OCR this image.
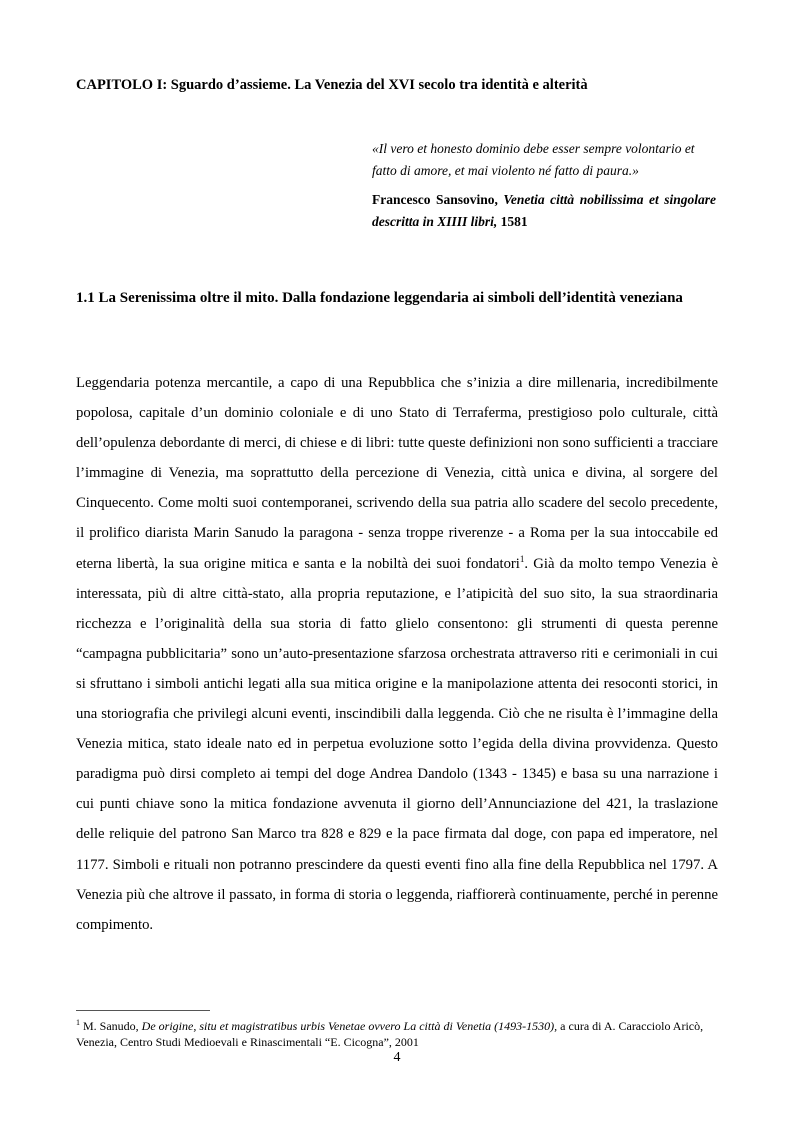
CAPITOLO I: Sguardo d’assieme. La Venezia del XVI secolo tra identità e alterità

«Il vero et honesto dominio debe esser sempre volontario et fatto di amore, et mai violento né fatto di paura.»

Francesco Sansovino, Venetia città nobilissima et singolare descritta in XIIII libri, 1581

1.1 La Serenissima oltre il mito. Dalla fondazione leggendaria ai simboli dell’identità veneziana

Leggendaria potenza mercantile, a capo di una Repubblica che s’inizia a dire millenaria, incredibilmente popolosa, capitale d’un dominio coloniale e di uno Stato di Terraferma, prestigioso polo culturale, città dell’opulenza debordante di merci, di chiese e di libri: tutte queste definizioni non sono sufficienti a tracciare l’immagine di Venezia, ma soprattutto della percezione di Venezia, città unica e divina, al sorgere del Cinquecento. Come molti suoi contemporanei, scrivendo della sua patria allo scadere del secolo precedente, il prolifico diarista Marin Sanudo la paragona - senza troppe riverenze - a Roma per la sua intoccabile ed eterna libertà, la sua origine mitica e santa e la nobiltà dei suoi fondatori$^1$. Già da molto tempo Venezia è interessata, più di altre città-stato, alla propria reputazione, e l’atipicità del suo sito, la sua straordinaria ricchezza e l’originalità della sua storia di fatto glielo consentono: gli strumenti di questa perenne “campagna pubblicitaria” sono un’auto-presentazione sfarzosa orchestrata attraverso riti e cerimoniali in cui si sfruttano i simboli antichi legati alla sua mitica origine e la manipolazione attenta dei resoconti storici, in una storiografia che privilegi alcuni eventi, inscindibili dalla leggenda. Ciò che ne risulta è l’immagine della Venezia mitica, stato ideale nato ed in perpetua evoluzione sotto l’egida della divina provvidenza. Questo paradigma può dirsi completo ai tempi del doge Andrea Dandolo (1343 - 1345) e basa su una narrazione i cui punti chiave sono la mitica fondazione avvenuta il giorno dell’Annunciazione del 421, la traslazione delle reliquie del patrono San Marco tra 828 e 829 e la pace firmata dal doge, con papa ed imperatore, nel 1177. Simboli e rituali non potranno prescindere da questi eventi fino alla fine della Repubblica nel 1797. A Venezia più che altrove il passato, in forma di storia o leggenda, riaffiorerà continuamente, perché in perenne compimento.

$^1$ M. Sanudo, De origine, situ et magistratibus urbis Venetae ovvero La città di Venetia (1493-1530), a cura di A. Caracciolo Aricò, Venezia, Centro Studi Medioevali e Rinascimentali “E. Cicogna”, 2001

4
